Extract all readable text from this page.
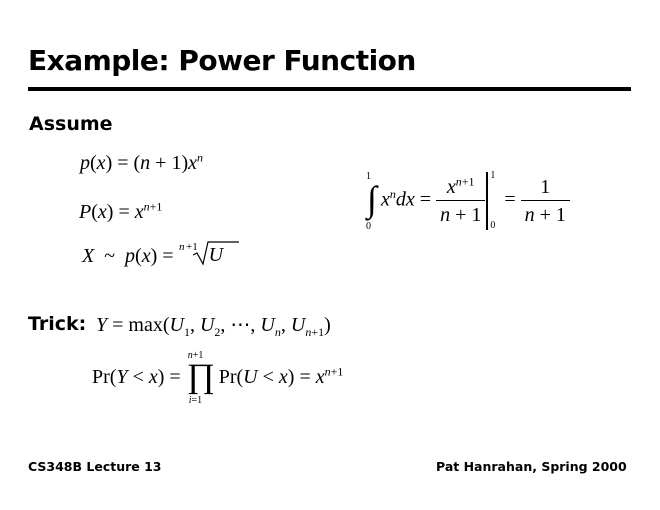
Example: Power Function
Assume
$p(x) = (n + 1)x^n$
$P(x) = x^{n+1}$
X  ~  p(x) = n +1 U
1
∫
0
$x^ndx = \frac{x^{n+1}}{n + 1} 1$
0
= $\frac{1}{n + 1}$
Trick: $Y = \max(U_1$, $U_2$, ⋯, $U_n$, $U_{n+1}$)
Pr(Y < x) =
n+1
∏
i=1
$Pr(U < x) = x^{n+1}$
CS348B Lecture 13	Pat Hanrahan, Spring 2000
